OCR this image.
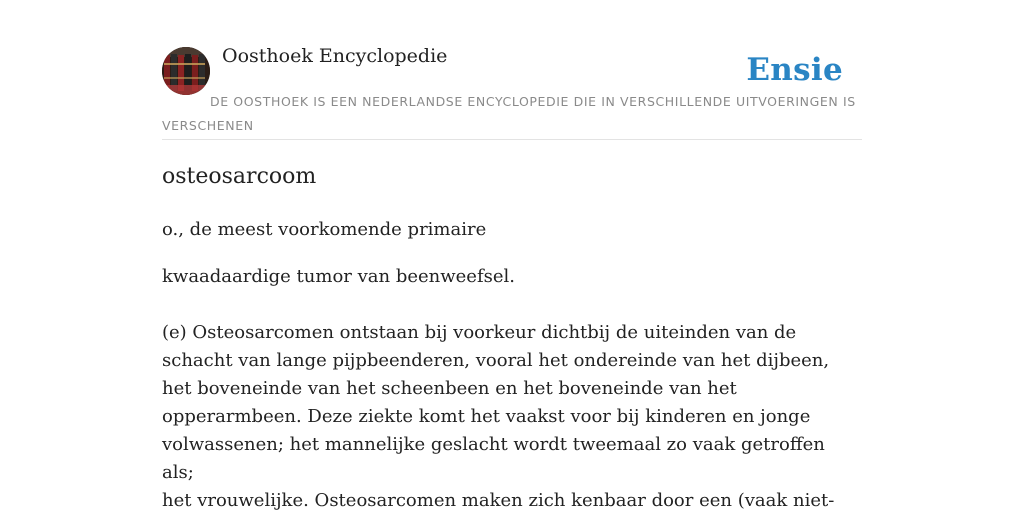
Oosthoek Encyclopedie	Ensie
DE OOSTHOEK IS EEN NEDERLANDSE ENCYCLOPEDIE DIE IN VERSCHILLENDE UITVOERINGEN IS VERSCHENEN
osteosarcoom

o., de meest voorkomende primaire

kwaadaardige tumor van beenweefsel.

(e) Osteosarcomen ontstaan bij voorkeur dichtbij de uiteinden van de schacht van lange pijpbeenderen, vooral het ondereinde van het dijbeen, het boveneinde van het scheenbeen en het boveneinde van het opperarmbeen. Deze ziekte komt het vaakst voor bij kinderen en jonge volwassenen; het mannelijke geslacht wordt tweemaal zo vaak getroffen als;

het vrouwelijke. Osteosarcomen maken zich kenbaar door een (vaak niet-
